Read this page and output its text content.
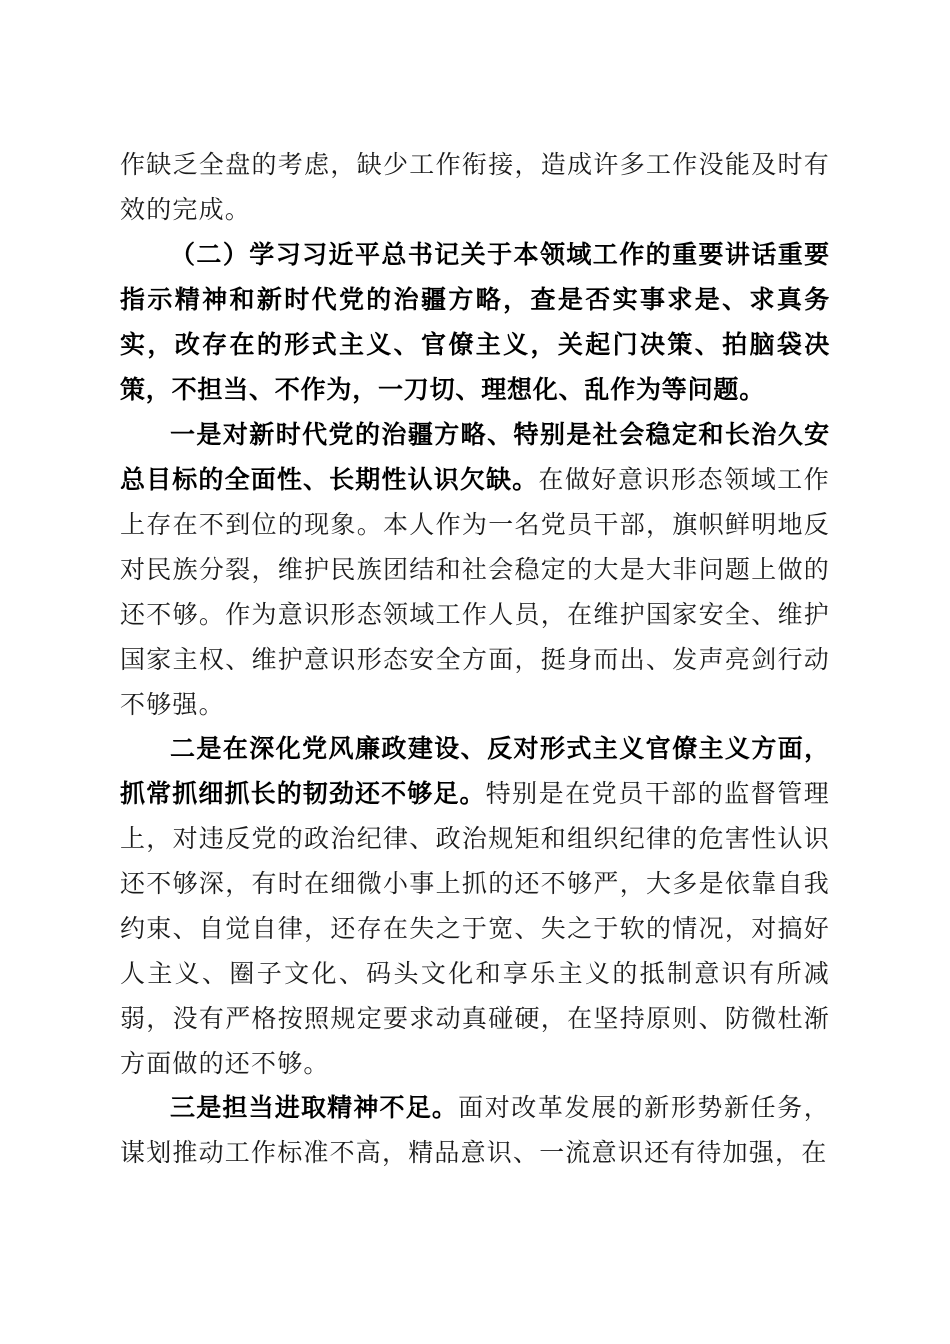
作缺乏全盘的考虑，缺少工作衔接，造成许多工作没能及时有效的完成。

（二）学习习近平总书记关于本领域工作的重要讲话重要指示精神和新时代党的治疆方略，查是否实事求是、求真务实，改存在的形式主义、官僚主义，关起门决策、拍脑袋决策，不担当、不作为，一刀切、理想化、乱作为等问题。

一是对新时代党的治疆方略、特别是社会稳定和长治久安总目标的全面性、长期性认识欠缺。在做好意识形态领域工作上存在不到位的现象。本人作为一名党员干部，旗帜鲜明地反对民族分裂，维护民族团结和社会稳定的大是大非问题上做的还不够。作为意识形态领域工作人员，在维护国家安全、维护国家主权、维护意识形态安全方面，挺身而出、发声亮剑行动不够强。

二是在深化党风廉政建设、反对形式主义官僚主义方面，抓常抓细抓长的韧劲还不够足。特别是在党员干部的监督管理上，对违反党的政治纪律、政治规矩和组织纪律的危害性认识还不够深，有时在细微小事上抓的还不够严，大多是依靠自我约束、自觉自律，还存在失之于宽、失之于软的情况，对搞好人主义、圈子文化、码头文化和享乐主义的抵制意识有所减弱，没有严格按照规定要求动真碰硬，在坚持原则、防微杜渐方面做的还不够。

三是担当进取精神不足。面对改革发展的新形势新任务，谋划推动工作标准不高，精品意识、一流意识还有待加强，在
